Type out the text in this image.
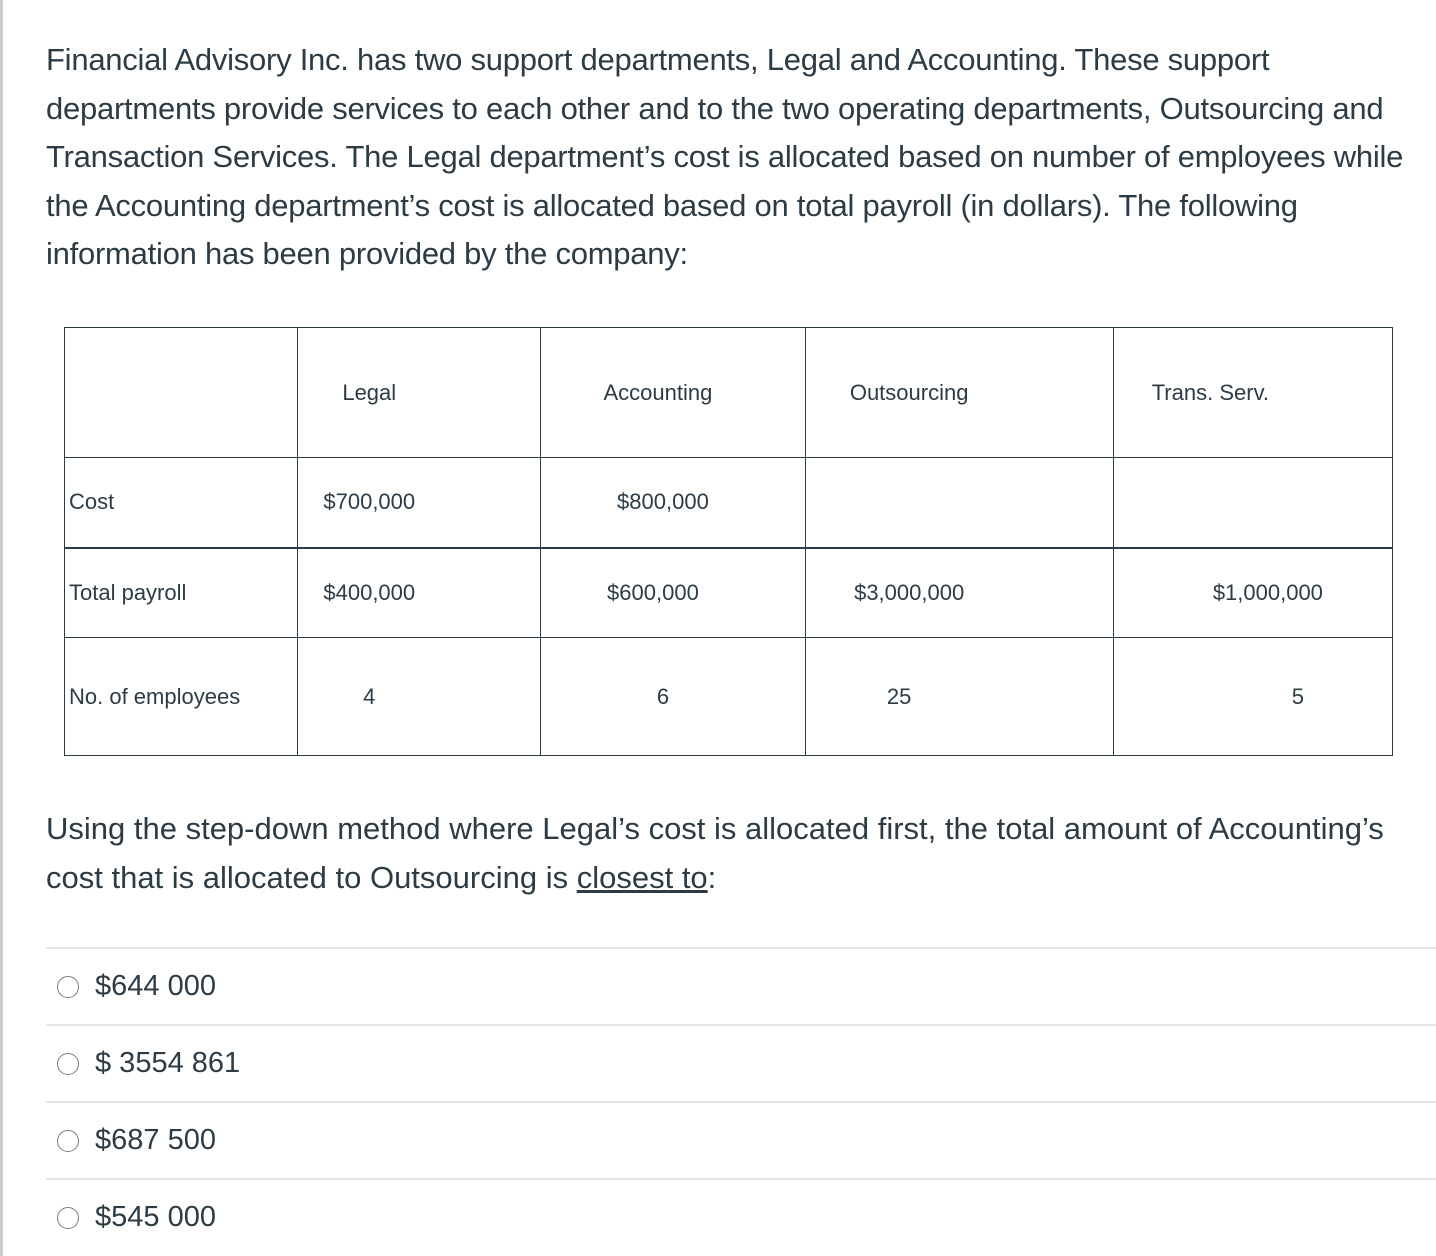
Financial Advisory Inc. has two support departments, Legal and Accounting. These support departments provide services to each other and to the two operating departments, Outsourcing and Transaction Services. The Legal department’s cost is allocated based on number of employees while the Accounting department’s cost is allocated based on total payroll (in dollars). The following information has been provided by the company:

	Legal	Accounting	Outsourcing	Trans. Serv.
Cost	$700,000	$800,000		
Total payroll	$400,000	$600,000	$3,000,000	$1,000,000
No. of employees	4	6	25	5

Using the step-down method where Legal’s cost is allocated first, the total amount of Accounting’s cost that is allocated to Outsourcing is closest to:

$644 000
$ 3554 861
$687 500
$545 000
